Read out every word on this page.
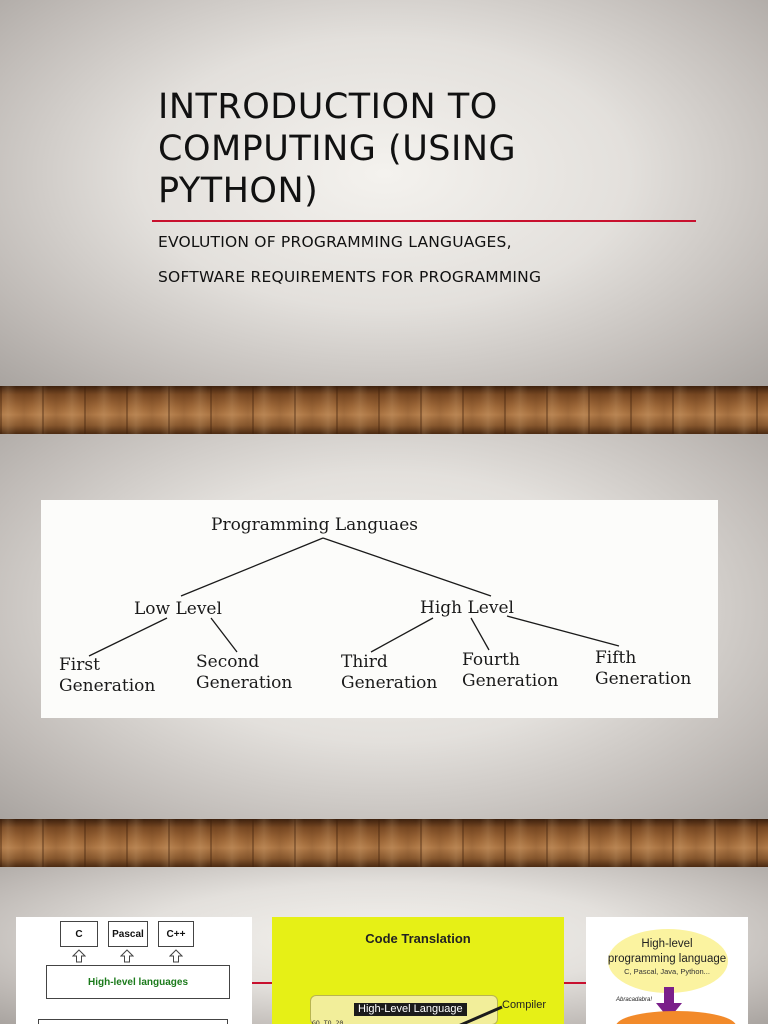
INTRODUCTION TO
COMPUTING (USING
PYTHON)
EVOLUTION OF PROGRAMMING LANGUAGES,
SOFTWARE REQUIREMENTS FOR PROGRAMMING
Programming Languaes
Low Level	High Level
First
Generation
Second
Generation
Third
Generation
Fourth
Generation
Fifth
Generation
C	Pascal	C++
High-level languages
Code Translation
High-Level Language	Compiler
GO TO 20
High-level
programming language
C, Pascal, Java, Python...
Abracadabra!
